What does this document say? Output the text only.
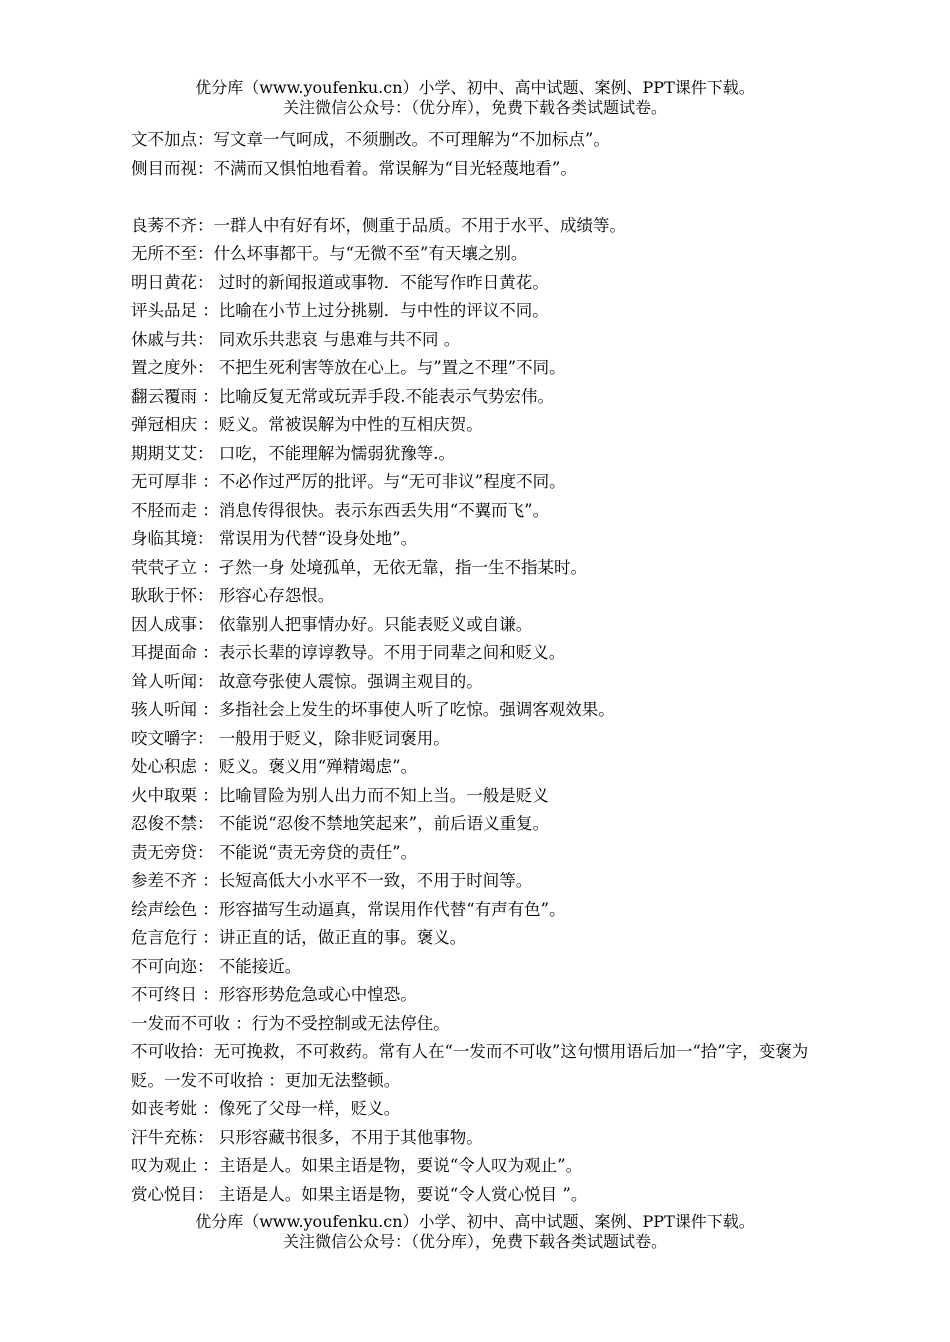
优分库（www.youfenku.cn）小学、初中、高中试题、案例、PPT课件下载。
关注微信公众号：（优分库），免费下载各类试题试卷。
文不加点：写文章一气呵成，不须删改。不可理解为“不加标点”。
侧目而视：不满而又惧怕地看着。常误解为“目光轻蔑地看”。
良莠不齐：一群人中有好有坏，侧重于品质。不用于水平、成绩等。
无所不至：什么坏事都干。与“无微不至”有天壤之别。
明日黄花： 过时的新闻报道或事物．不能写作昨日黄花。
评头品足 ：比喻在小节上过分挑剔．与中性的评议不同。
休戚与共： 同欢乐共悲哀 与患难与共不同 。
置之度外： 不把生死利害等放在心上。与”置之不理”不同。
翻云覆雨 ：比喻反复无常或玩弄手段.不能表示气势宏伟。
弹冠相庆 ：贬义。常被误解为中性的互相庆贺。
期期艾艾： 口吃，不能理解为懦弱犹豫等.。
无可厚非 ：不必作过严厉的批评。与“无可非议”程度不同。
不胫而走 ：消息传得很快。表示东西丢失用“不翼而飞”。
身临其境： 常误用为代替“设身处地”。
茕茕孑立 ：孑然一身 处境孤单，无依无靠，指一生不指某时。
耿耿于怀： 形容心存怨恨。
因人成事： 依靠别人把事情办好。只能表贬义或自谦。
耳提面命 ：表示长辈的谆谆教导。不用于同辈之间和贬义。
耸人听闻： 故意夸张使人震惊。强调主观目的。
骇人听闻 ：多指社会上发生的坏事使人听了吃惊。强调客观效果。
咬文嚼字： 一般用于贬义，除非贬词褒用。
处心积虑 ：贬义。褒义用“殚精竭虑”。
火中取栗 ：比喻冒险为别人出力而不知上当。一般是贬义
忍俊不禁： 不能说“忍俊不禁地笑起来”，前后语义重复。
责无旁贷： 不能说“责无旁贷的责任”。
参差不齐 ：长短高低大小水平不一致，不用于时间等。
绘声绘色 ：形容描写生动逼真，常误用作代替“有声有色”。
危言危行 ：讲正直的话，做正直的事。褒义。
不可向迩： 不能接近。
不可终日 ：形容形势危急或心中惶恐。
一发而不可收 ：行为不受控制或无法停住。
不可收拾：无可挽救，不可救药。常有人在“一发而不可收”这句惯用语后加一“拾”字，变褒为贬。一发不可收拾 ：更加无法整顿。
如丧考妣 ：像死了父母一样，贬义。
汗牛充栋： 只形容藏书很多，不用于其他事物。
叹为观止 ：主语是人。如果主语是物，要说“令人叹为观止”。
赏心悦目： 主语是人。如果主语是物，要说“令人赏心悦目 ”。
优分库（www.youfenku.cn）小学、初中、高中试题、案例、PPT课件下载。
关注微信公众号：（优分库），免费下载各类试题试卷。
